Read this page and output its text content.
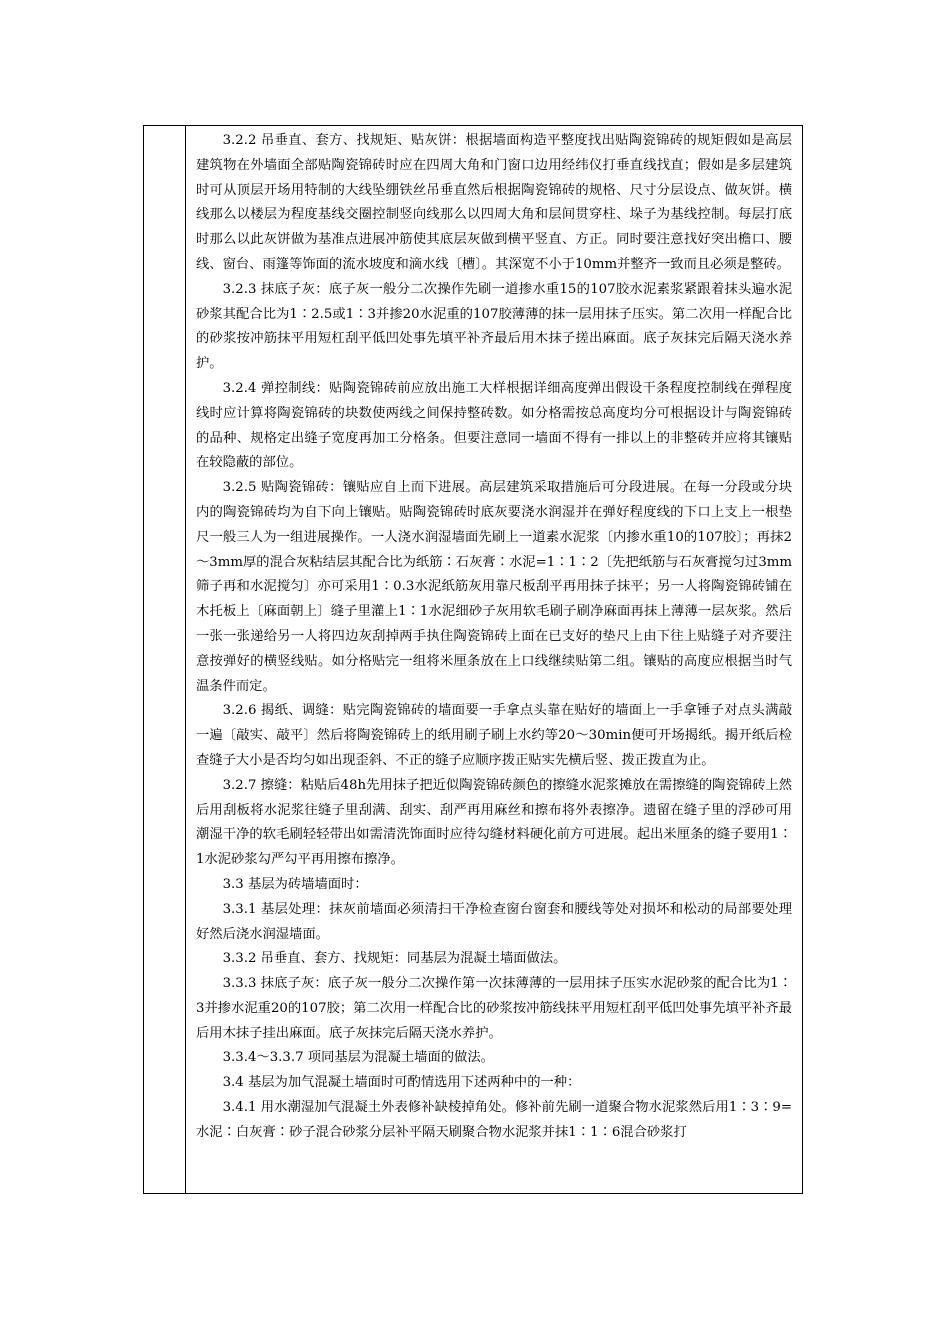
3.2.2 吊垂直、套方、找规矩、贴灰饼：根据墙面构造平整度找出贴陶瓷锦砖的规矩假如是高层建筑物在外墙面全部贴陶瓷锦砖时应在四周大角和门窗口边用经纬仪打垂直线找直；假如是多层建筑时可从顶层开场用特制的大线坠绷铁丝吊垂直然后根据陶瓷锦砖的规格、尺寸分层设点、做灰饼。横线那么以楼层为程度基线交圈控制竖向线那么以四周大角和层间贯穿柱、垛子为基线控制。每层打底时那么以此灰饼做为基准点进展冲筋使其底层灰做到横平竖直、方正。同时要注意找好突出檐口、腰线、窗台、雨篷等饰面的流水坡度和滴水线〔槽〕。其深宽不小于10mm并整齐一致而且必须是整砖。

3.2.3 抹底子灰：底子灰一般分二次操作先刷一道掺水重15的107胶水泥素浆紧跟着抹头遍水泥砂浆其配合比为1∶2.5或1∶3并掺20水泥重的107胶薄薄的抹一层用抹子压实。第二次用一样配合比的砂浆按冲筋抹平用短杠刮平低凹处事先填平补齐最后用木抹子搓出麻面。底子灰抹完后隔天浇水养护。

3.2.4 弹控制线：贴陶瓷锦砖前应放出施工大样根据详细高度弹出假设干条程度控制线在弹程度线时应计算将陶瓷锦砖的块数使两线之间保持整砖数。如分格需按总高度均分可根据设计与陶瓷锦砖的品种、规格定出缝子宽度再加工分格条。但要注意同一墙面不得有一排以上的非整砖并应将其镶贴在较隐蔽的部位。

3.2.5 贴陶瓷锦砖：镶贴应自上而下进展。高层建筑采取措施后可分段进展。在每一分段或分块内的陶瓷锦砖均为自下向上镶贴。贴陶瓷锦砖时底灰要浇水润湿并在弹好程度线的下口上支上一根垫尺一般三人为一组进展操作。一人浇水润湿墙面先刷上一道素水泥浆〔内掺水重10的107胶〕；再抹2～3mm厚的混合灰粘结层其配合比为纸筋∶石灰膏∶水泥=1∶1∶2〔先把纸筋与石灰膏搅匀过3mm筛子再和水泥搅匀〕亦可采用1∶0.3水泥纸筋灰用靠尺板刮平再用抹子抹平；另一人将陶瓷锦砖铺在木托板上〔麻面朝上〕缝子里灌上1∶1水泥细砂子灰用软毛刷子刷净麻面再抹上薄薄一层灰浆。然后一张一张递给另一人将四边灰刮掉两手执住陶瓷锦砖上面在已支好的垫尺上由下往上贴缝子对齐要注意按弹好的横竖线贴。如分格贴完一组将米厘条放在上口线继续贴第二组。镶贴的高度应根据当时气温条件而定。

3.2.6 揭纸、调缝：贴完陶瓷锦砖的墙面要一手拿点头靠在贴好的墙面上一手拿锤子对点头满敲一遍〔敲实、敲平〕然后将陶瓷锦砖上的纸用刷子刷上水约等20～30min便可开场揭纸。揭开纸后检查缝子大小是否均匀如出现歪斜、不正的缝子应顺序拨正贴实先横后竖、拨正拨直为止。

3.2.7 擦缝：粘贴后48h先用抹子把近似陶瓷锦砖颜色的擦缝水泥浆摊放在需擦缝的陶瓷锦砖上然后用刮板将水泥浆往缝子里刮满、刮实、刮严再用麻丝和擦布将外表擦净。遗留在缝子里的浮砂可用潮湿干净的软毛刷轻轻带出如需清洗饰面时应待勾缝材料硬化前方可进展。起出米厘条的缝子要用1∶1水泥砂浆勾严勾平再用擦布擦净。

3.3 基层为砖墙墙面时：

3.3.1 基层处理：抹灰前墙面必须清扫干净检查窗台窗套和腰线等处对损坏和松动的局部要处理好然后浇水润湿墙面。

3.3.2 吊垂直、套方、找规矩：同基层为混凝土墙面做法。

3.3.3 抹底子灰：底子灰一般分二次操作第一次抹薄薄的一层用抹子压实水泥砂浆的配合比为1∶3并掺水泥重20的107胶；第二次用一样配合比的砂浆按冲筋线抹平用短杠刮平低凹处事先填平补齐最后用木抹子挂出麻面。底子灰抹完后隔天浇水养护。

3.3.4～3.3.7 项同基层为混凝土墙面的做法。

3.4 基层为加气混凝土墙面时可酌情选用下述两种中的一种：

3.4.1 用水潮湿加气混凝土外表修补缺棱掉角处。修补前先刷一道聚合物水泥浆然后用1∶3∶9=水泥∶白灰膏∶砂子混合砂浆分层补平隔天刷聚合物水泥浆并抹1∶1∶6混合砂浆打
